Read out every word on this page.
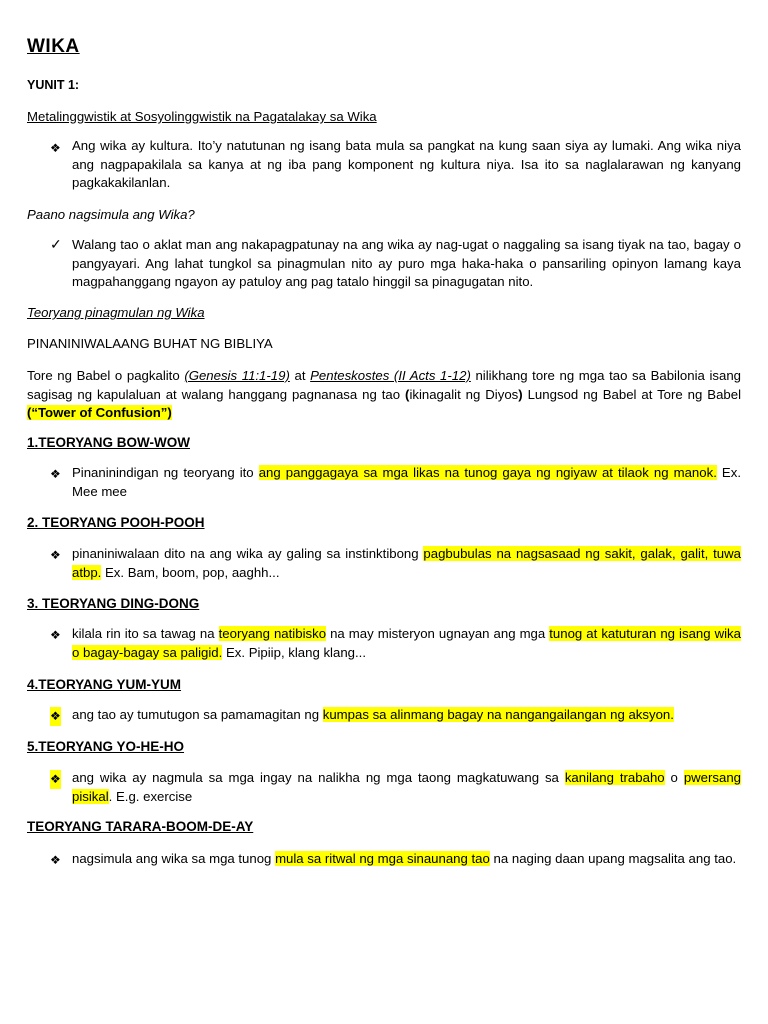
WIKA
YUNIT 1:
Metalinggwistik at Sosyolinggwistik na Pagatalakay sa Wika
❖ Ang wika ay kultura. Ito’y natutunan ng isang bata mula sa pangkat na kung saan siya ay lumaki. Ang wika niya ang nagpapakilala sa kanya at ng iba pang komponent ng kultura niya. Isa ito sa naglalarawan ng kanyang pagkakakilanlan.
Paano nagsimula ang Wika?
✓ Walang tao o aklat man ang nakapagpatunay na ang wika ay nag-ugat o naggaling sa isang tiyak na tao, bagay o pangyayari. Ang lahat tungkol sa pinagmulan nito ay puro mga haka-haka o pansariling opinyon lamang kaya magpahanggang ngayon ay patuloy ang pag tatalo hinggil sa pinagugatan nito.
Teoryang pinagmulan ng Wika
PINANINIWALAANG BUHAT NG BIBLIYA
Tore ng Babel o pagkalito (Genesis 11:1-19) at Penteskostes (II Acts 1-12) nilikhang tore ng mga tao sa Babilonia isang sagisag ng kapulaluan at walang hanggang pagnanasa ng tao (ikinagalit ng Diyos) Lungsod ng Babel at Tore ng Babel (“Tower of Confusion”)
1.TEORYANG BOW-WOW
❖ Pinaninindigan ng teoryang ito ang panggagaya sa mga likas na tunog gaya ng ngiyaw at tilaok ng manok. Ex. Mee mee
2. TEORYANG POOH-POOH
❖ pinaniniwalaan dito na ang wika ay galing sa instinktibong pagbubulas na nagsasaad ng sakit, galak, galit, tuwa atbp. Ex. Bam, boom, pop, aaghh...
3. TEORYANG DING-DONG
❖ kilala rin ito sa tawag na teoryang natibisko na may misteryon ugnayan ang mga tunog at katuturan ng isang wika o bagay-bagay sa paligid. Ex. Pipiip, klang klang...
4.TEORYANG YUM-YUM
❖ ang tao ay tumutugon sa pamamagitan ng kumpas sa alinmang bagay na nangangailangan ng aksyon.
5.TEORYANG YO-HE-HO
❖ ang wika ay nagmula sa mga ingay na nalikha ng mga taong magkatuwang sa kanilang trabaho o pwersang pisikal. E.g. exercise
TEORYANG TARARA-BOOM-DE-AY
❖ nagsimula ang wika sa mga tunog mula sa ritwal ng mga sinaunang tao na naging daan upang magsalita ang tao.
